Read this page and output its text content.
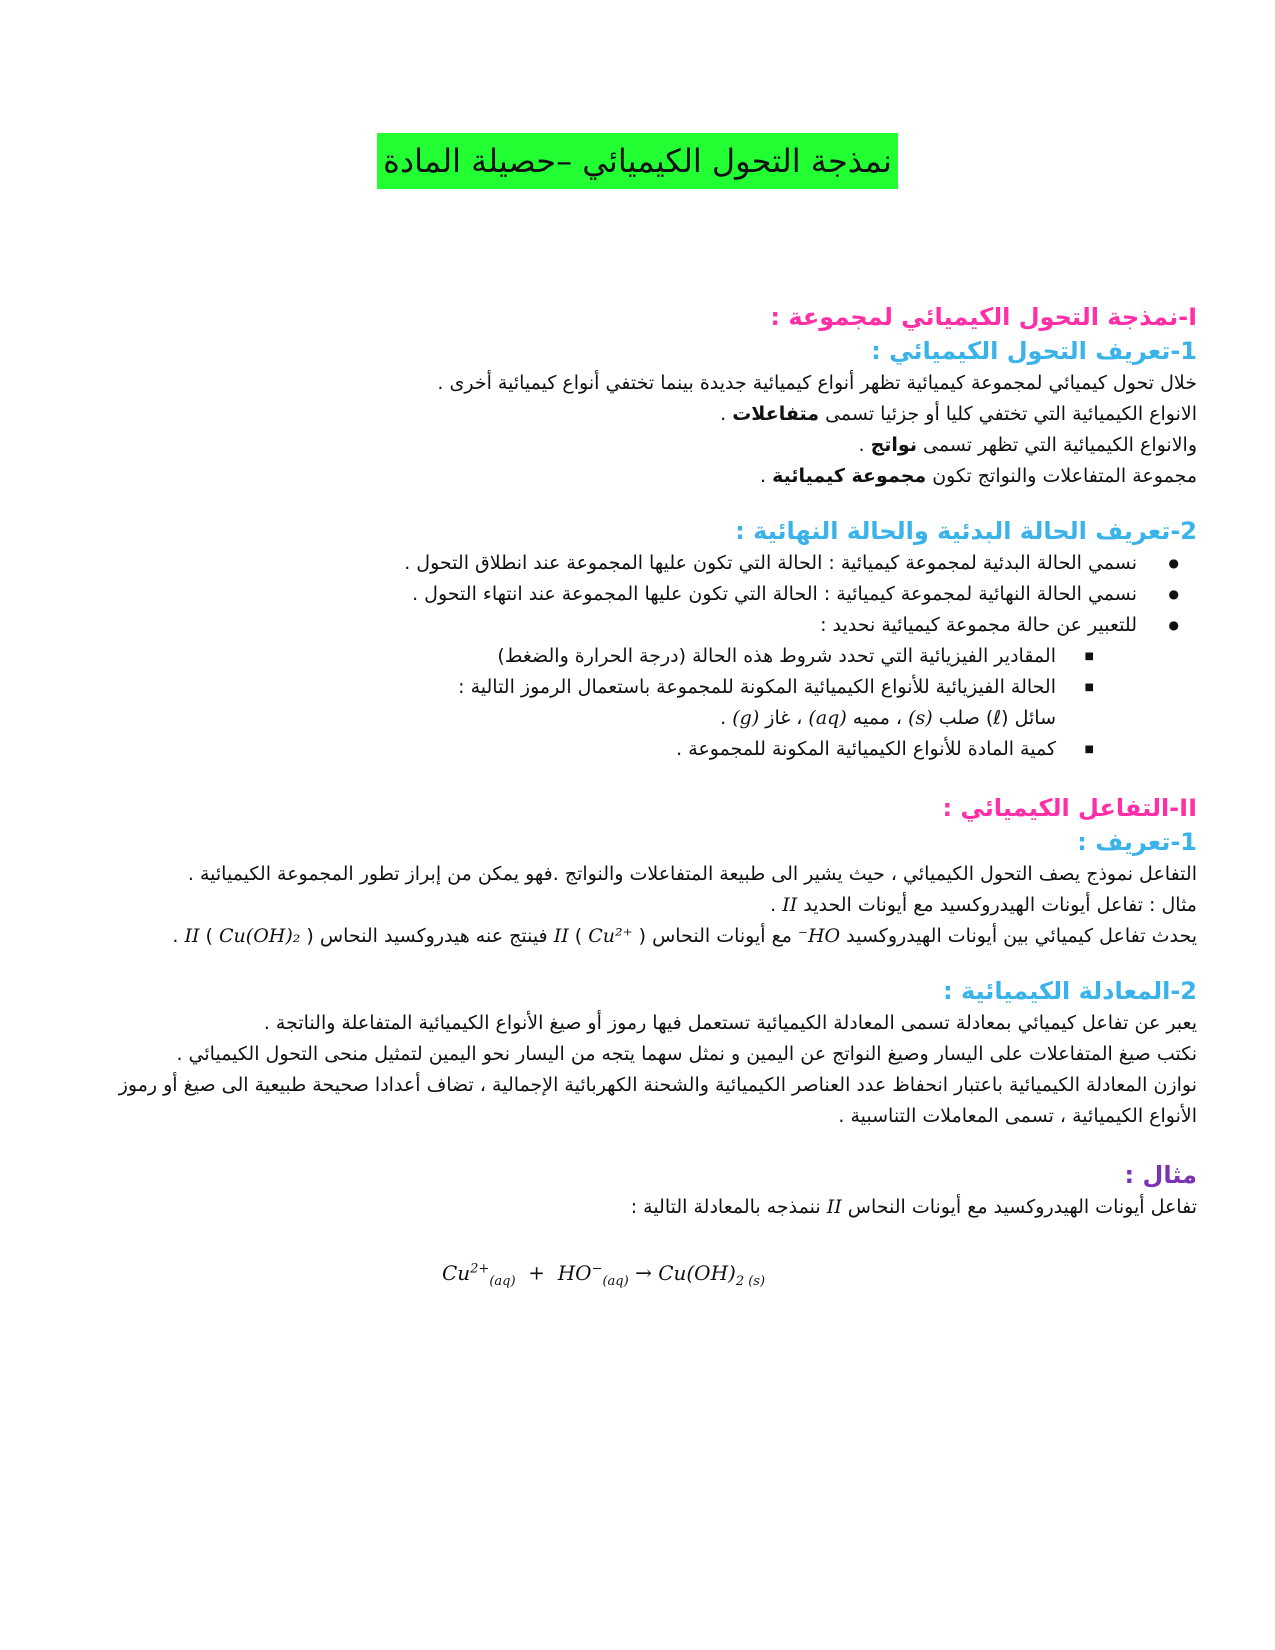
نمذجة التحول الكيميائي –حصيلة المادة
I-نمذجة التحول الكيميائي لمجموعة :
1-تعريف التحول الكيميائي :

خلال تحول كيميائي لمجموعة كيميائية تظهر أنواع كيميائية جديدة بينما تختفي أنواع كيميائية أخرى .

الانواع الكيميائية التي تختفي كليا أو جزئيا تسمى متفاعلات .

والانواع الكيميائية التي تظهر تسمى نواتج .

مجموعة المتفاعلات والنواتج تكون مجموعة كيميائية .

2-تعريف الحالة البدئية والحالة النهائية :
● نسمي الحالة البدئية لمجموعة كيميائية : الحالة التي تكون عليها المجموعة عند انطلاق التحول .
● نسمي الحالة النهائية لمجموعة كيميائية : الحالة التي تكون عليها المجموعة عند انتهاء التحول .
● للتعبير عن حالة مجموعة كيميائية نحديد :
■ المقادير الفيزيائية التي تحدد شروط هذه الحالة (درجة الحرارة والضغط)
■ الحالة الفيزيائية للأنواع الكيميائية المكونة للمجموعة باستعمال الرموز التالية :
سائل (ℓ) صلب (s) ، مميه (aq) ، غاز (g) .
■ كمية المادة للأنواع الكيميائية المكونة للمجموعة .
II-التفاعل الكيميائي :
1-تعريف :

التفاعل نموذج يصف التحول الكيميائي ، حيث يشير الى طبيعة المتفاعلات والنواتج .فهو يمكن من إبراز تطور المجموعة الكيميائية .

مثال : تفاعل أيونات الهيدروكسيد مع أيونات الحديد II .

يحدث تفاعل كيميائي بين أيونات الهيدروكسيد HO⁻ مع أيونات النحاس II ( Cu²⁺ ) فينتج عنه هيدروكسيد النحاس II ( Cu(OH)₂ ) .

2-المعادلة الكيميائية :

يعبر عن تفاعل كيميائي بمعادلة تسمى المعادلة الكيميائية تستعمل فيها رموز أو صيغ الأنواع الكيميائية المتفاعلة والناتجة .

نكتب صيغ المتفاعلات على اليسار وصيغ النواتج عن اليمين و نمثل سهما يتجه من اليسار نحو اليمين لتمثيل منحى التحول الكيميائي .

نوازن المعادلة الكيميائية باعتبار انحفاظ عدد العناصر الكيميائية والشحنة الكهربائية الإجمالية ، تضاف أعدادا صحيحة طبيعية الى صيغ أو رموز الأنواع الكيميائية ، تسمى المعاملات التناسبية .

مثال :

تفاعل أيونات الهيدروكسيد مع أيونات النحاس II ننمذجه بالمعادلة التالية :

$Cu^{2+}_{(aq)} + HO^-_{(aq)} \to Cu(OH)_{2 (s)}$
